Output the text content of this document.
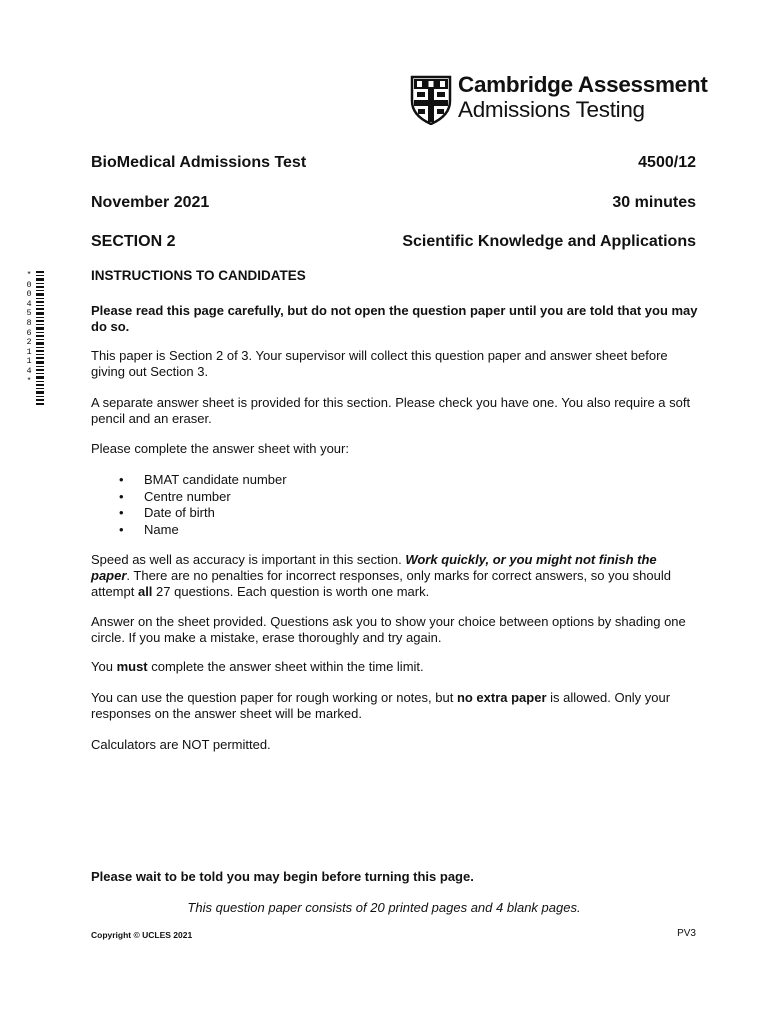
Cambridge Assessment
Admissions Testing
BioMedical Admissions Test	4500/12
November 2021	30 minutes
SECTION 2	Scientific Knowledge and Applications
*0045862114*
INSTRUCTIONS TO CANDIDATES
Please read this page carefully, but do not open the question paper until you are told that you may do so.
This paper is Section 2 of 3. Your supervisor will collect this question paper and answer sheet before giving out Section 3.
A separate answer sheet is provided for this section. Please check you have one. You also require a soft pencil and an eraser.
Please complete the answer sheet with your:
• BMAT candidate number
• Centre number
• Date of birth
• Name
Speed as well as accuracy is important in this section. Work quickly, or you might not finish the paper. There are no penalties for incorrect responses, only marks for correct answers, so you should attempt all 27 questions. Each question is worth one mark.
Answer on the sheet provided. Questions ask you to show your choice between options by shading one circle. If you make a mistake, erase thoroughly and try again.
You must complete the answer sheet within the time limit.
You can use the question paper for rough working or notes, but no extra paper is allowed. Only your responses on the answer sheet will be marked.
Calculators are NOT permitted.
Please wait to be told you may begin before turning this page.
This question paper consists of 20 printed pages and 4 blank pages.
Copyright © UCLES 2021	PV3
